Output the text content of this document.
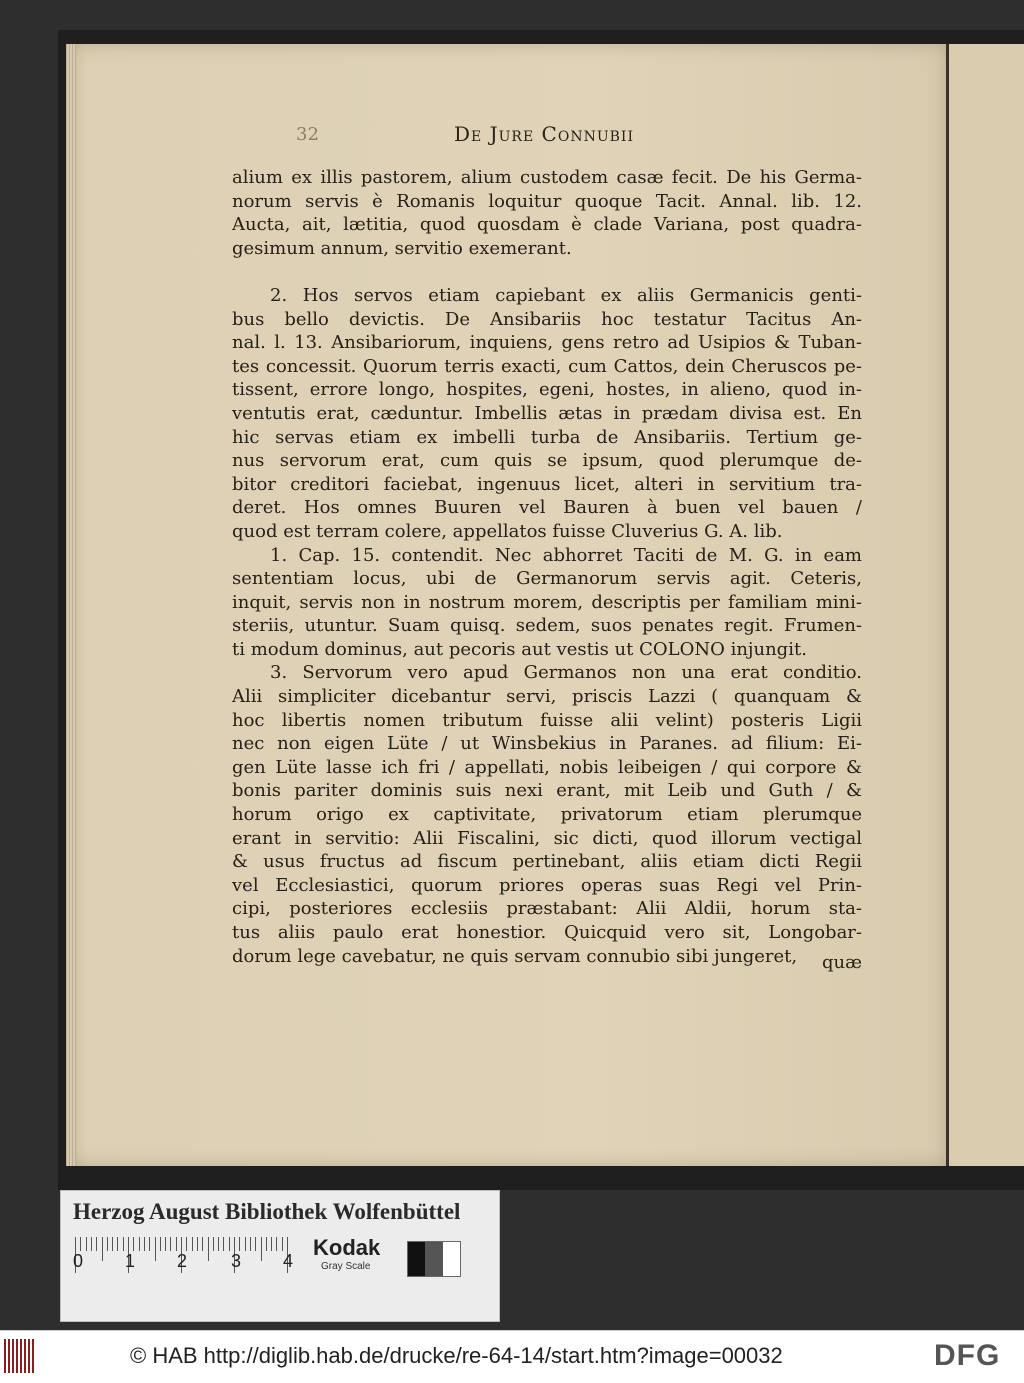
32	De Jure Connubii
alium ex illis pastorem, alium custodem casæ fecit. De his Germa-
norum servis è Romanis loquitur quoque Tacit. Annal. lib. 12.
Aucta, ait, lætitia, quod quosdam è clade Variana, post quadra-
gesimum annum, servitio exemerant.
2. Hos servos etiam capiebant ex aliis Germanicis genti-
bus bello devictis. De Ansibariis hoc testatur Tacitus An-
nal. l. 13. Ansibariorum, inquiens, gens retro ad Usipios & Tuban-
tes concessit. Quorum terris exacti, cum Cattos, dein Cheruscos pe-
tissent, errore longo, hospites, egeni, hostes, in alieno, quod in-
ventutis erat, cæduntur. Imbellis ætas in prædam divisa est. En
hic servas etiam ex imbelli turba de Ansibariis. Tertium ge-
nus servorum erat, cum quis se ipsum, quod plerumque de-
bitor creditori faciebat, ingenuus licet, alteri in servitium tra-
deret. Hos omnes Buuren vel Bauren à buen vel bauen /
quod est terram colere, appellatos fuisse Cluverius G. A. lib.
1. Cap. 15. contendit. Nec abhorret Taciti de M. G. in eam
sententiam locus, ubi de Germanorum servis agit. Ceteris,
inquit, servis non in nostrum morem, descriptis per familiam mini-
steriis, utuntur. Suam quisq. sedem, suos penates regit. Frumen-
ti modum dominus, aut pecoris aut vestis ut COLONO injungit.
3. Servorum vero apud Germanos non una erat conditio.
Alii simpliciter dicebantur servi, priscis Lazzi ( quanquam &
hoc libertis nomen tributum fuisse alii velint) posteris Ligii
nec non eigen Lüte / ut Winsbekius in Paranes. ad filium: Ei-
gen Lüte lasse ich fri / appellati, nobis leibeigen / qui corpore &
bonis pariter dominis suis nexi erant, mit Leib und Guth / &
horum origo ex captivitate, privatorum etiam plerumque
erant in servitio: Alii Fiscalini, sic dicti, quod illorum vectigal
& usus fructus ad fiscum pertinebant, aliis etiam dicti Regii
vel Ecclesiastici, quorum priores operas suas Regi vel Prin-
cipi, posteriores ecclesiis præstabant: Alii Aldii, horum sta-
tus aliis paulo erat honestior. Quicquid vero sit, Longobar-
dorum lege cavebatur, ne quis servam connubio sibi jungeret,	quæ
Herzog August Bibliothek Wolfenbüttel
0 1 2 3 4
Kodak
Gray Scale
© HAB http://diglib.hab.de/drucke/re-64-14/start.htm?image=00032	DFG
